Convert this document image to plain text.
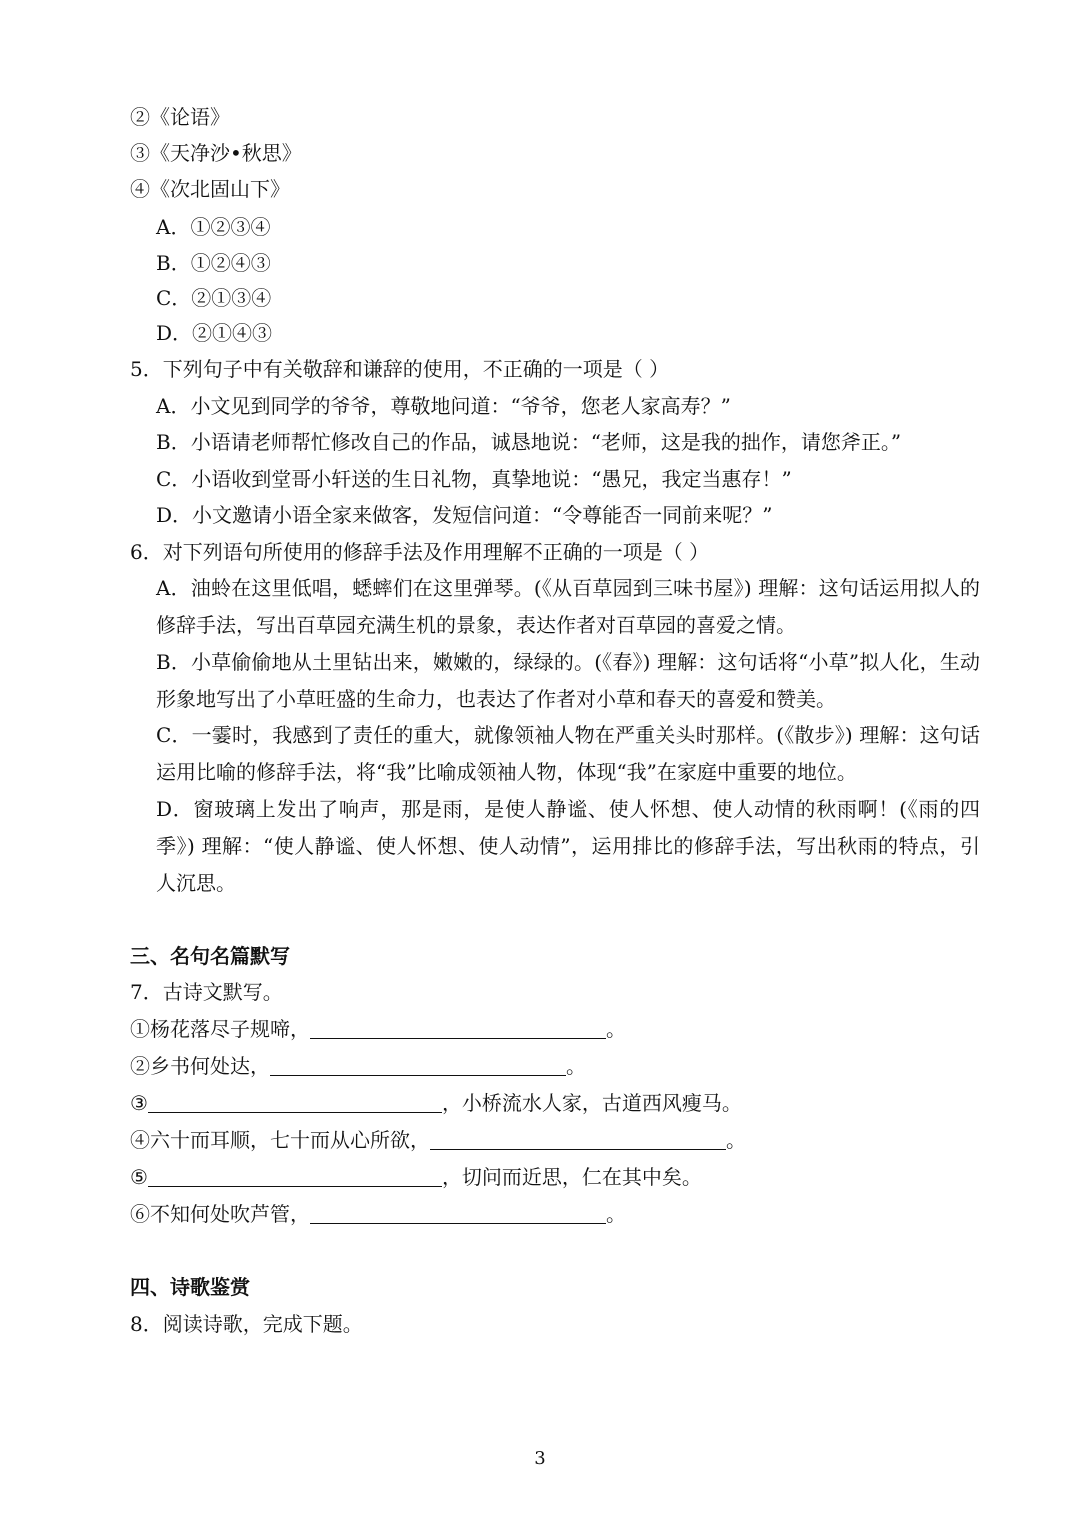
②《论语》
③《天净沙•秋思》
④《次北固山下》
A．①②③④
B．①②④③
C．②①③④
D．②①④③
5．下列句子中有关敬辞和谦辞的使用，不正确的一项是（ ）
A．小文见到同学的爷爷，尊敬地问道：“爷爷，您老人家高寿？”
B．小语请老师帮忙修改自己的作品，诚恳地说：“老师，这是我的拙作，请您斧正。”
C．小语收到堂哥小轩送的生日礼物，真挚地说：“愚兄，我定当惠存！”
D．小文邀请小语全家来做客，发短信问道：“令尊能否一同前来呢？”
6．对下列语句所使用的修辞手法及作用理解不正确的一项是（ ）
A．油蛉在这里低唱，蟋蟀们在这里弹琴。(《从百草园到三味书屋》) 理解：这句话运用拟人的修辞手法，写出百草园充满生机的景象，表达作者对百草园的喜爱之情。
B．小草偷偷地从土里钻出来，嫩嫩的，绿绿的。(《春》) 理解：这句话将“小草”拟人化，生动形象地写出了小草旺盛的生命力，也表达了作者对小草和春天的喜爱和赞美。
C．一霎时，我感到了责任的重大，就像领袖人物在严重关头时那样。(《散步》) 理解：这句话运用比喻的修辞手法，将“我”比喻成领袖人物，体现“我”在家庭中重要的地位。
D．窗玻璃上发出了响声，那是雨，是使人静谧、使人怀想、使人动情的秋雨啊！(《雨的四季》) 理解：“使人静谧、使人怀想、使人动情”，运用排比的修辞手法，写出秋雨的特点，引人沉思。
三、名句名篇默写
7．古诗文默写。
①杨花落尽子规啼，	。
②乡书何处达，	。
③	，小桥流水人家，古道西风瘦马。
④六十而耳顺，七十而从心所欲，	。
⑤	，切问而近思，仁在其中矣。
⑥不知何处吹芦管，	。
四、诗歌鉴赏
8．阅读诗歌，完成下题。
3
